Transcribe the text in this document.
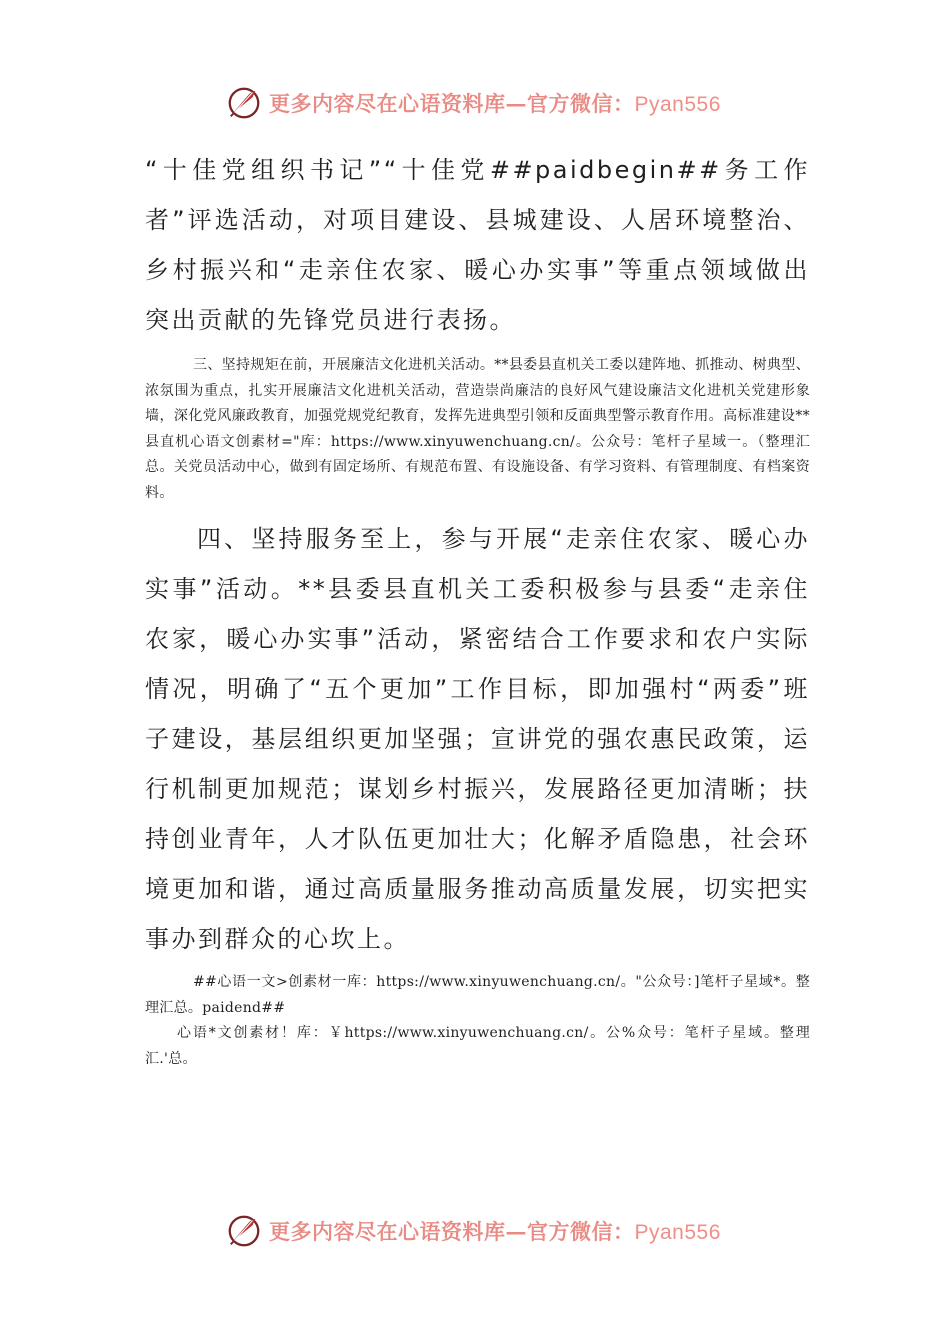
更多内容尽在心语资料库—官方微信：Pyan556

“十佳党组织书记”“十佳党##paidbegin##务工作者”评选活动，对项目建设、县城建设、人居环境整治、乡村振兴和“走亲住农家、暖心办实事”等重点领域做出突出贡献的先锋党员进行表扬。

三、坚持规矩在前，开展廉洁文化进机关活动。**县委县直机关工委以建阵地、抓推动、树典型、浓氛围为重点，扎实开展廉洁文化进机关活动，营造崇尚廉洁的良好风气建设廉洁文化进机关党建形象墙，深化党风廉政教育，加强党规党纪教育，发挥先进典型引领和反面典型警示教育作用。高标准建设**县直机心语文创素材="库：https://www.xinyuwenchuang.cn/。公众号：笔杆子星域一。（整理汇总。关党员活动中心，做到有固定场所、有规范布置、有设施设备、有学习资料、有管理制度、有档案资料。

四、坚持服务至上，参与开展“走亲住农家、暖心办实事”活动。**县委县直机关工委积极参与县委“走亲住农家，暖心办实事”活动，紧密结合工作要求和农户实际情况，明确了“五个更加”工作目标，即加强村“两委”班子建设，基层组织更加坚强；宣讲党的强农惠民政策，运行机制更加规范；谋划乡村振兴，发展路径更加清晰；扶持创业青年，人才队伍更加壮大；化解矛盾隐患，社会环境更加和谐，通过高质量服务推动高质量发展，切实把实事办到群众的心坎上。

##心语一文>创素材一库：https://www.xinyuwenchuang.cn/。"公众号：]笔杆子星域*。整理汇总。paidend##

心语*文创素材！库：￥https://www.xinyuwenchuang.cn/。公%众号：笔杆子星域。整理汇.'总。

更多内容尽在心语资料库—官方微信：Pyan556
